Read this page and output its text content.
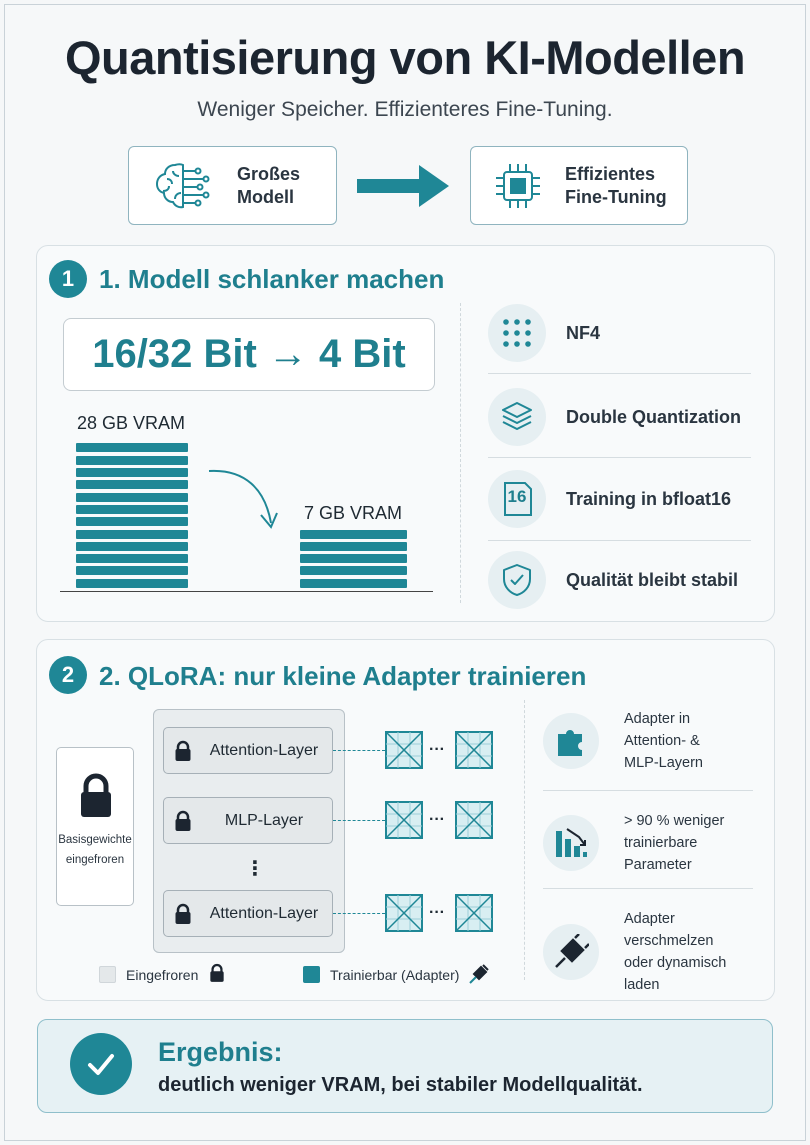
Quantisierung von KI-Modellen
Weniger Speicher. Effizienteres Fine-Tuning.
Großes
Modell
Effizientes
Fine-Tuning
1 1. Modell schlanker machen
16/32 Bit → 4 Bit
28 GB VRAM
7 GB VRAM
NF4
Double Quantization
16	Training in bfloat16
Qualität bleibt stabil
2 2. QLoRA: nur kleine Adapter trainieren
Basisgewichte
eingefroren
Attention-Layer
MLP-Layer
⋮
Attention-Layer
···
···
···
Eingefroren	Trainierbar (Adapter)
Adapter in
Attention- &
MLP-Layern
> 90 % weniger
trainierbare
Parameter
Adapter verschmelzen
oder dynamisch
laden
Ergebnis:
deutlich weniger VRAM, bei stabiler Modellqualität.
